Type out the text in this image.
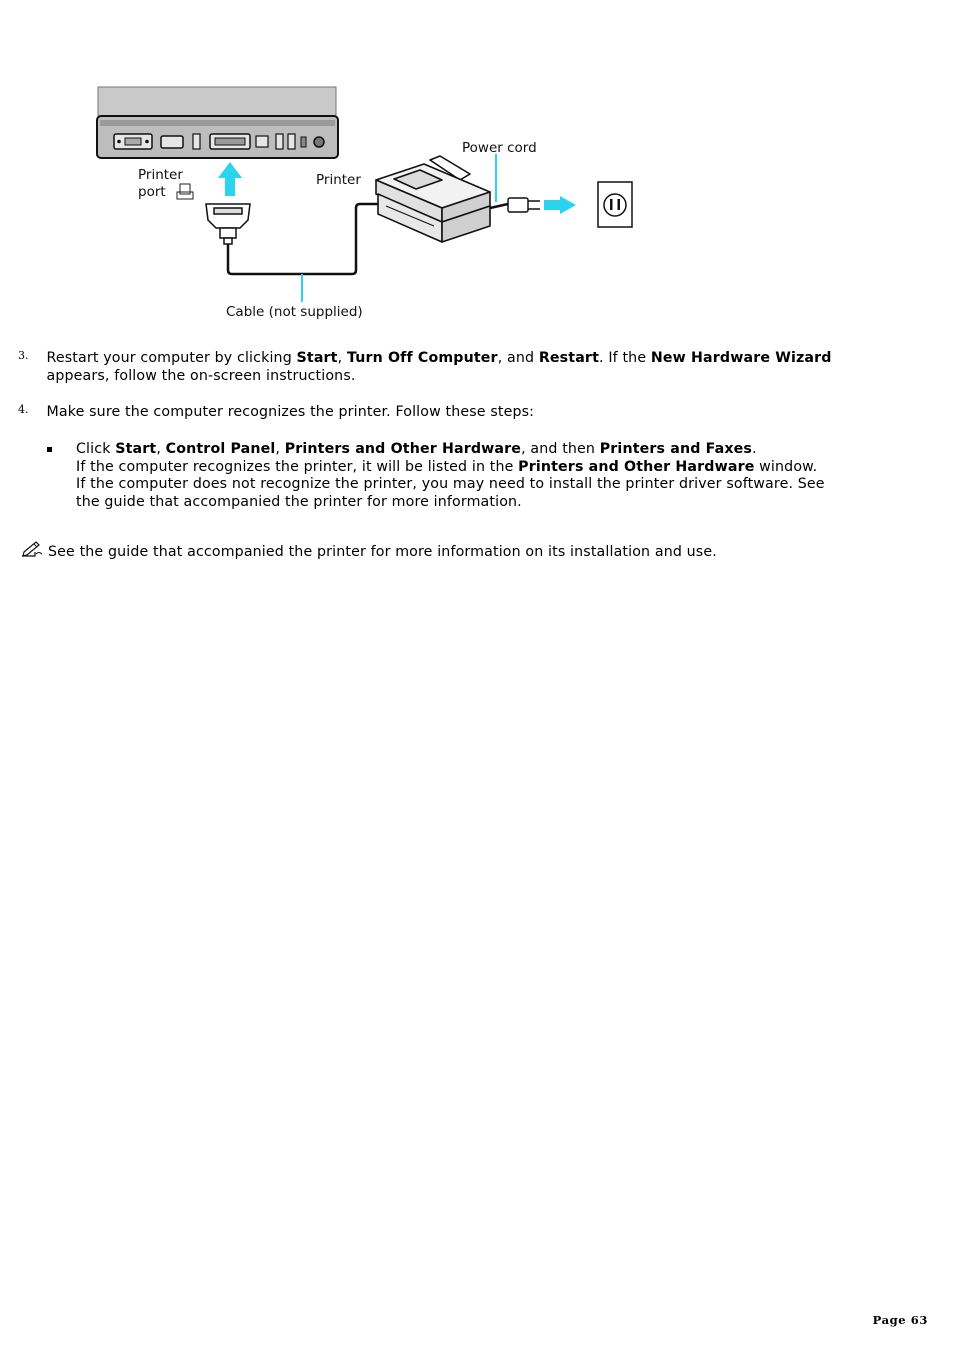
Printer
port
Cable (not supplied)
Printer
Power cord
3. Restart your computer by clicking Start, Turn Off Computer, and Restart. If the New Hardware Wizard
appears, follow the on-screen instructions.
4. Make sure the computer recognizes the printer. Follow these steps:
Click Start, Control Panel, Printers and Other Hardware, and then Printers and Faxes.
If the computer recognizes the printer, it will be listed in the Printers and Other Hardware window.
If the computer does not recognize the printer, you may need to install the printer driver software. See
the guide that accompanied the printer for more information.
See the guide that accompanied the printer for more information on its installation and use.
Page 63
